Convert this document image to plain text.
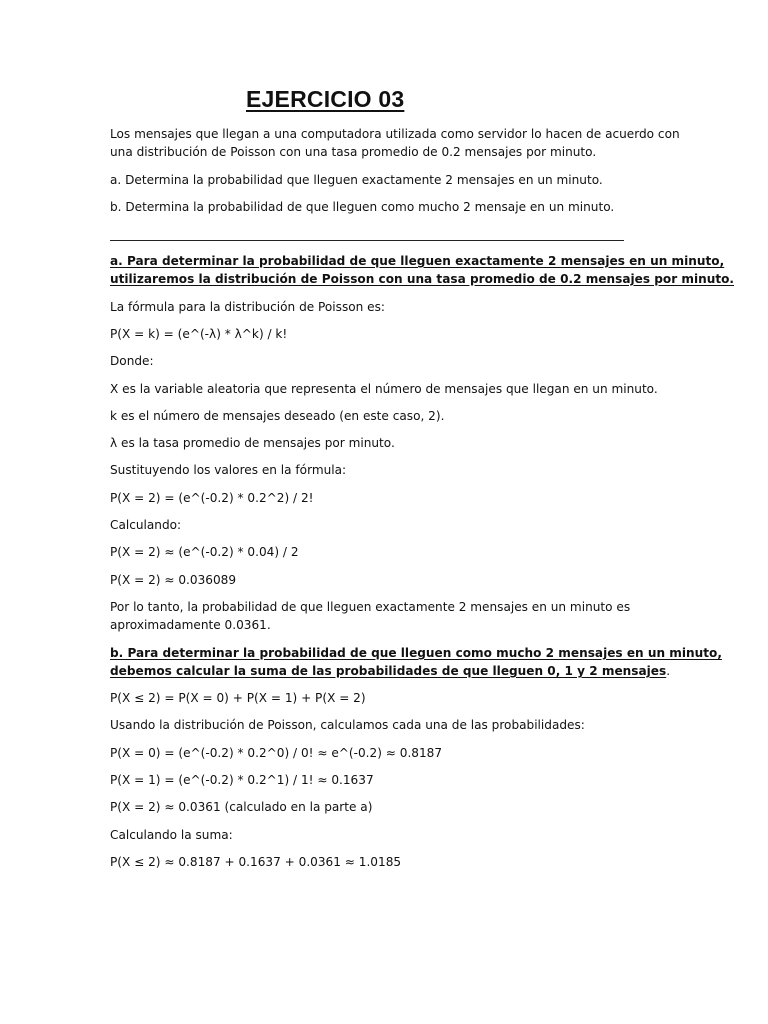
EJERCICIO 03

Los mensajes que llegan a una computadora utilizada como servidor lo hacen de acuerdo con

una distribución de Poisson con una tasa promedio de 0.2 mensajes por minuto.

a. Determina la probabilidad que lleguen exactamente 2 mensajes en un minuto.

b. Determina la probabilidad de que lleguen como mucho 2 mensaje en un minuto.

a. Para determinar la probabilidad de que lleguen exactamente 2 mensajes en un minuto,

utilizaremos la distribución de Poisson con una tasa promedio de 0.2 mensajes por minuto.

La fórmula para la distribución de Poisson es:

P(X = k) = (e^(-λ) * λ^k) / k!

Donde:

X es la variable aleatoria que representa el número de mensajes que llegan en un minuto.

k es el número de mensajes deseado (en este caso, 2).

λ es la tasa promedio de mensajes por minuto.

Sustituyendo los valores en la fórmula:

P(X = 2) = (e^(-0.2) * 0.2^2) / 2!

Calculando:

P(X = 2) ≈ (e^(-0.2) * 0.04) / 2

P(X = 2) ≈ 0.036089

Por lo tanto, la probabilidad de que lleguen exactamente 2 mensajes en un minuto es

aproximadamente 0.0361.

b. Para determinar la probabilidad de que lleguen como mucho 2 mensajes en un minuto,

debemos calcular la suma de las probabilidades de que lleguen 0, 1 y 2 mensajes.

P(X ≤ 2) = P(X = 0) + P(X = 1) + P(X = 2)

Usando la distribución de Poisson, calculamos cada una de las probabilidades:

P(X = 0) = (e^(-0.2) * 0.2^0) / 0! ≈ e^(-0.2) ≈ 0.8187

P(X = 1) = (e^(-0.2) * 0.2^1) / 1! ≈ 0.1637

P(X = 2) ≈ 0.0361 (calculado en la parte a)

Calculando la suma:

P(X ≤ 2) ≈ 0.8187 + 0.1637 + 0.0361 ≈ 1.0185
